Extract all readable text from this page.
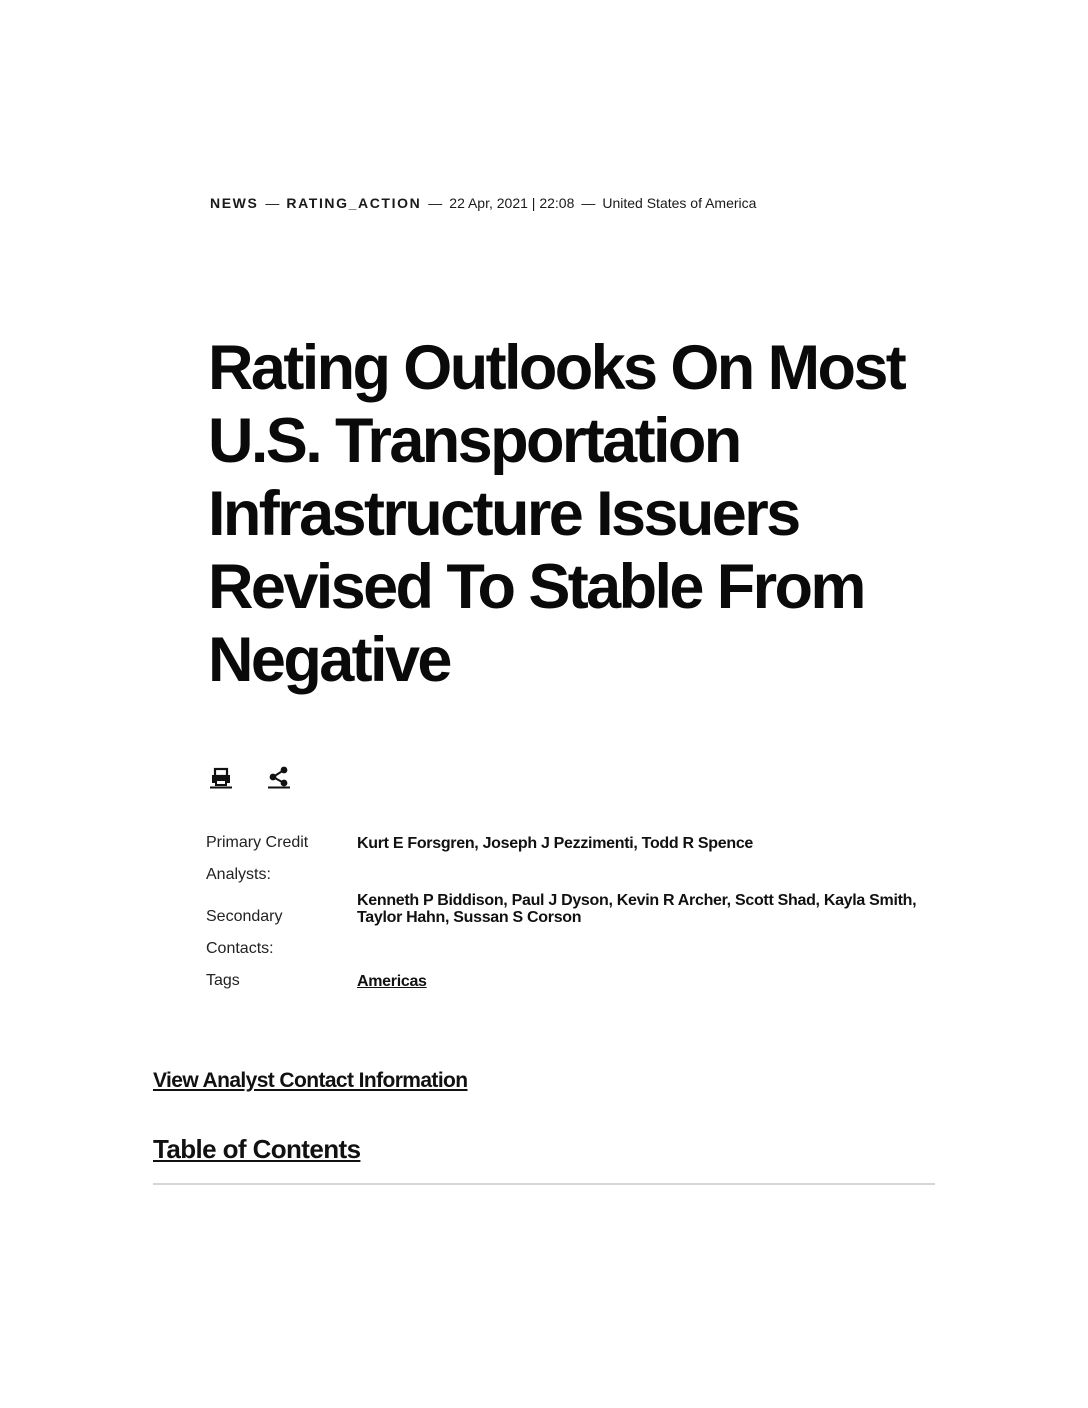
NEWS — RATING_ACTION — 22 Apr, 2021 | 22:08 — United States of America
Rating Outlooks On Most U.S. Transportation Infrastructure Issuers Revised To Stable From Negative
Primary Credit Analysts:
Kurt E Forsgren, Joseph J Pezzimenti, Todd R Spence
Secondary Contacts:
Kenneth P Biddison, Paul J Dyson, Kevin R Archer, Scott Shad, Kayla Smith, Taylor Hahn, Sussan S Corson
Tags	Americas
View Analyst Contact Information
Table of Contents
